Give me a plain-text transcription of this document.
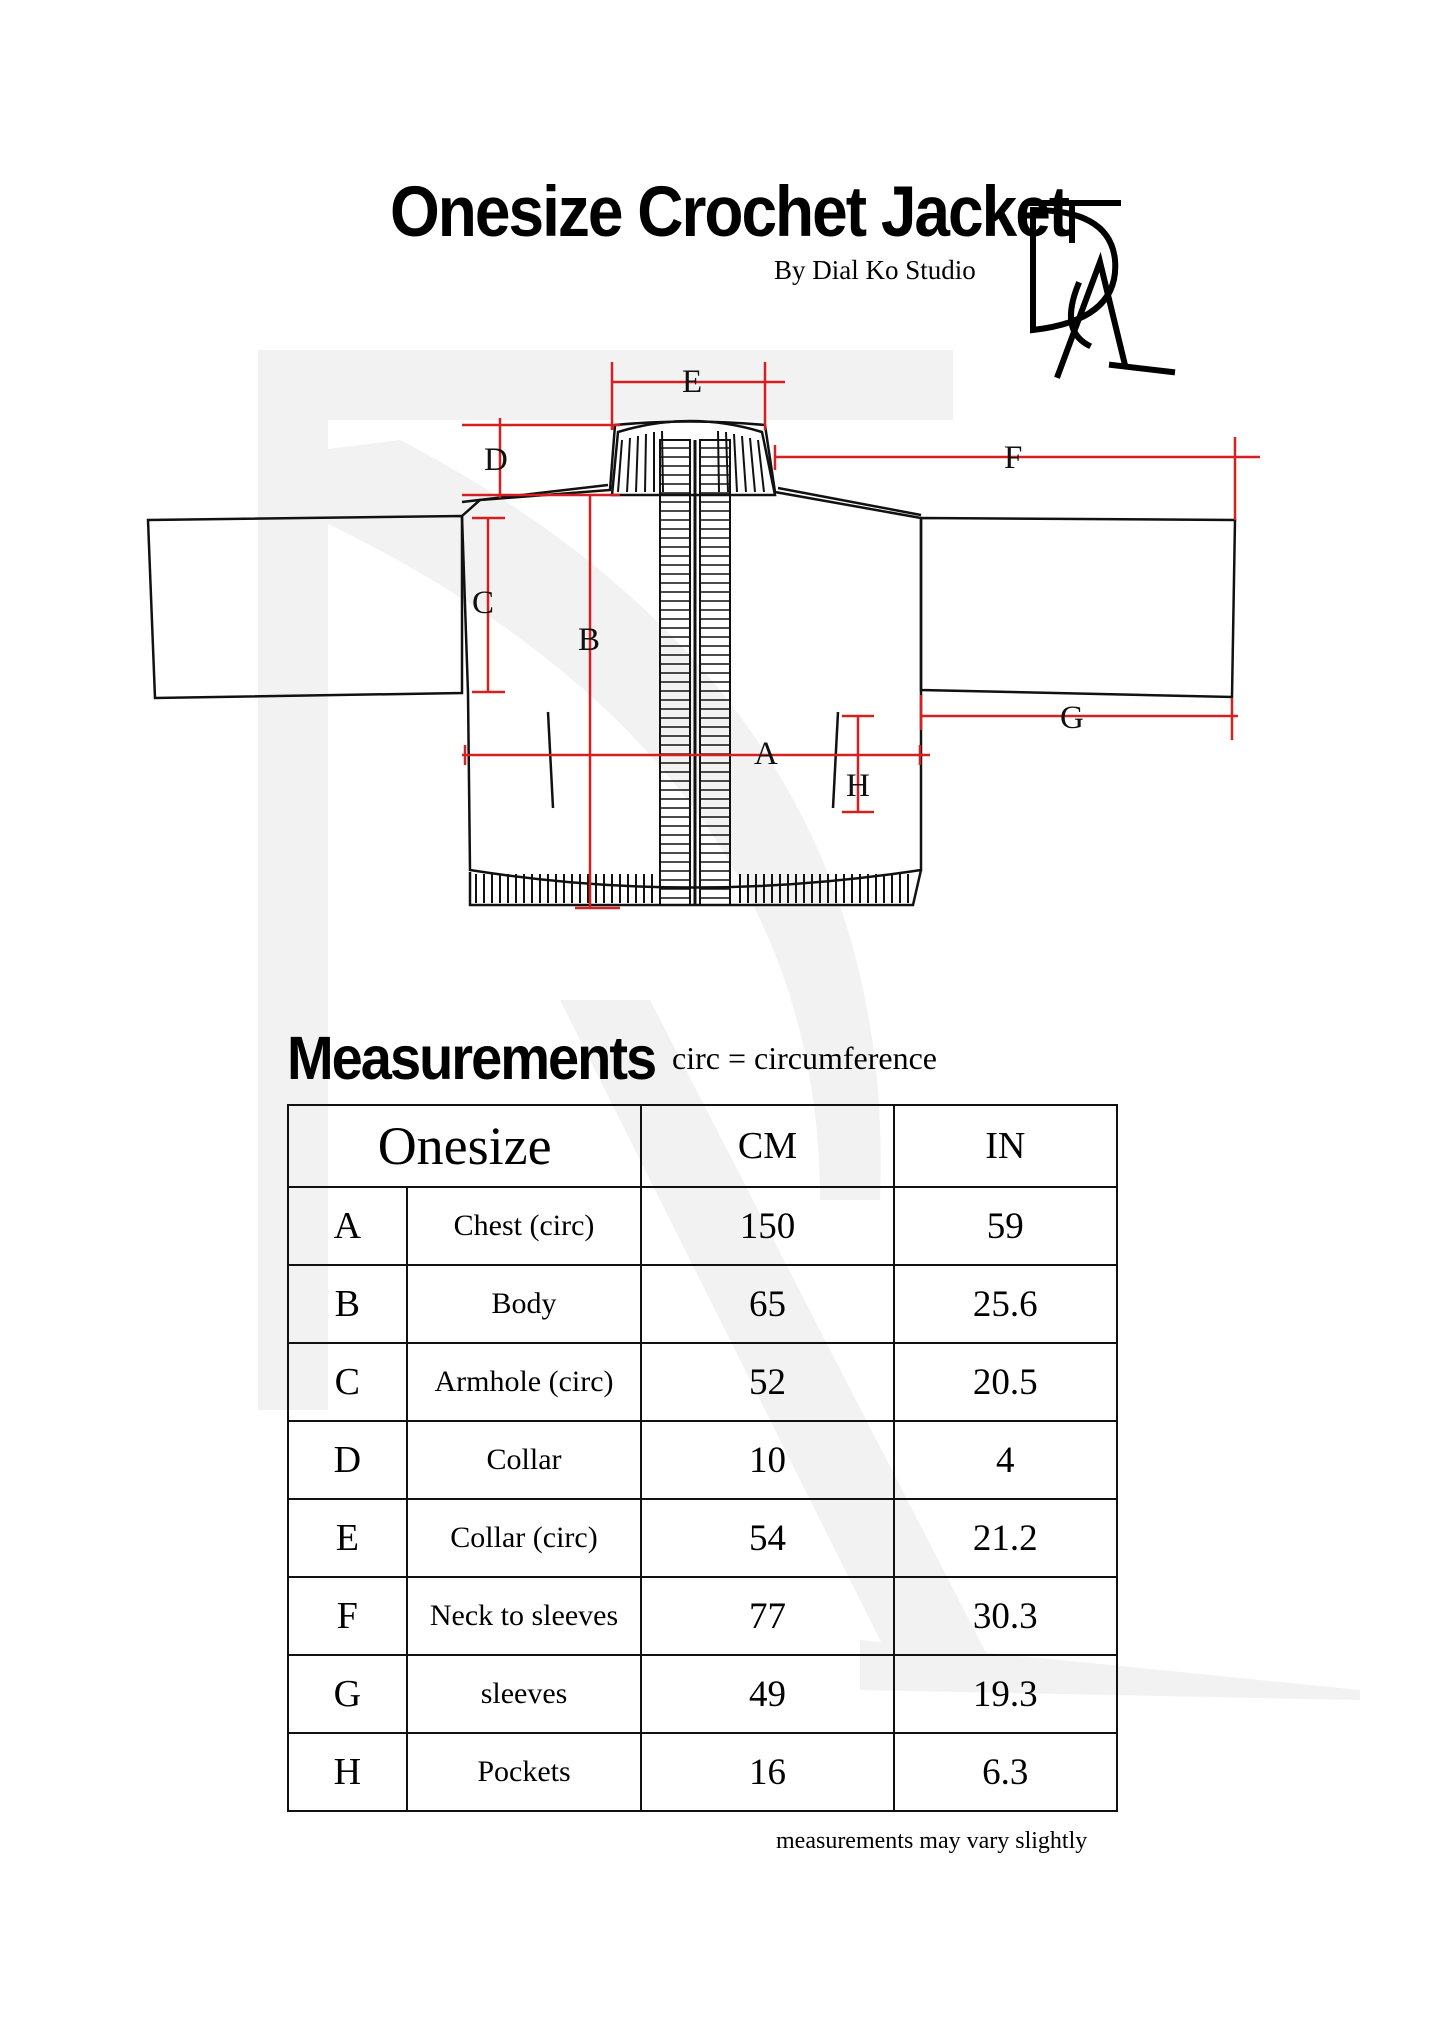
Onesize Crochet Jacket
By Dial Ko Studio
E
D	F
C
B
A
G
H
Measurements circ = circumference
Onesize		CM	IN
A	Chest (circ)	150	59
B	Body	65	25.6
C	Armhole (circ)	52	20.5
D	Collar	10	4
E	Collar (circ)	54	21.2
F	Neck to sleeves	77	30.3
G	sleeves	49	19.3
H	Pockets	16	6.3
measurements may vary slightly
